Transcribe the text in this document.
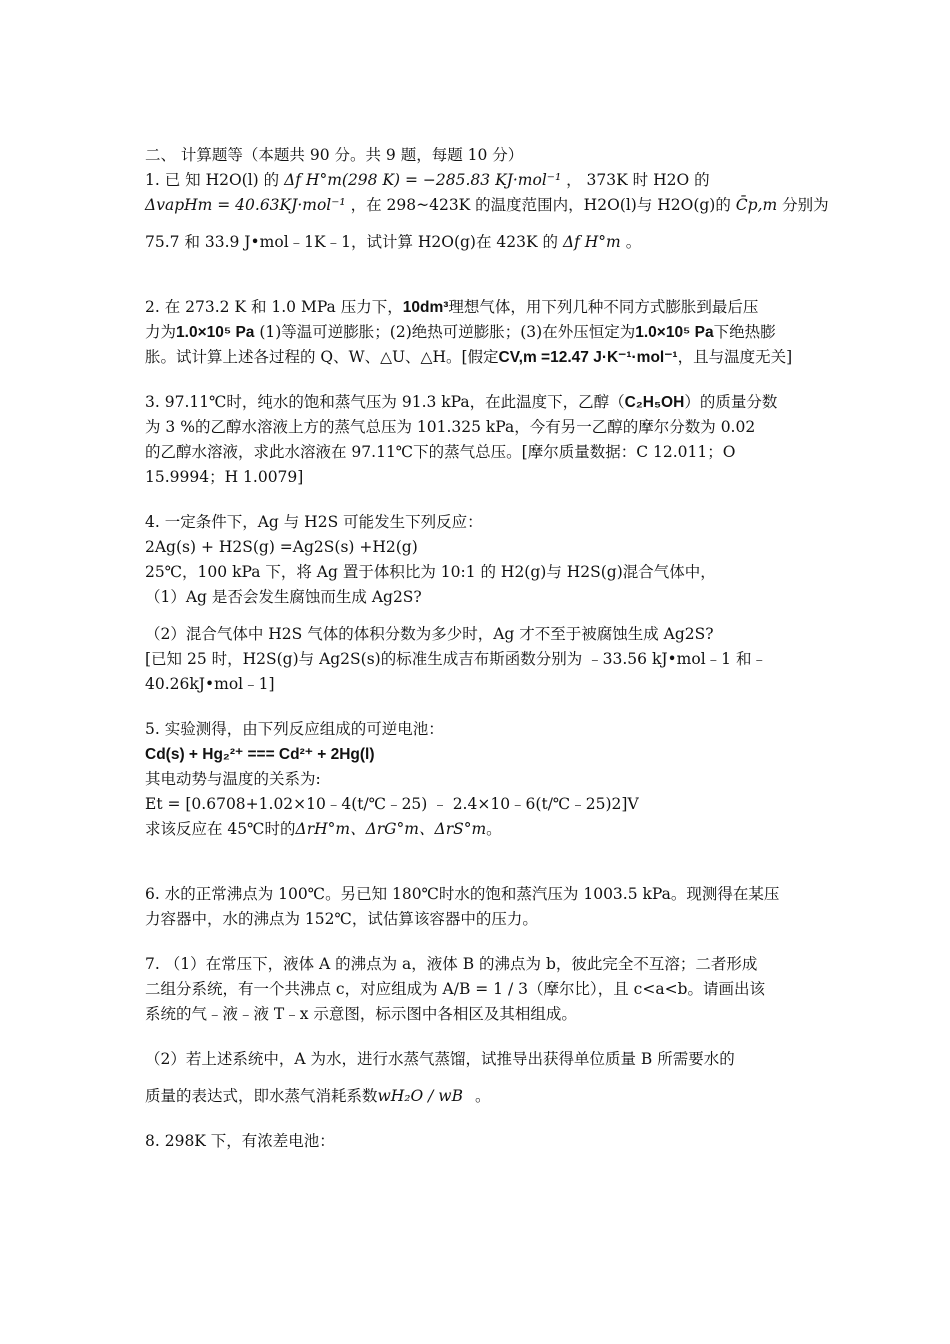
二、 计算题等（本题共 90 分。共 9 题，每题 10 分）
1. 已 知 H2O(l) 的 Δf H°m(298 K) = −285.83 KJ·mol⁻¹ ， 373K 时 H2O 的
ΔvapHm = 40.63KJ·mol⁻¹ ，在 298~423K 的温度范围内，H2O(l)与 H2O(g)的 C̄p,m 分别为
75.7 和 33.9 J•mol﹣1K﹣1，试计算 H2O(g)在 423K 的 Δf H°m 。
2. 在 273.2 K 和 1.0 MPa 压力下，10dm³理想气体，用下列几种不同方式膨胀到最后压
力为1.0×10⁵ Pa (1)等温可逆膨胀；(2)绝热可逆膨胀；(3)在外压恒定为1.0×10⁵ Pa下绝热膨
胀。试计算上述各过程的 Q、W、△U、△H。[假定CV,m =12.47 J·K⁻¹·mol⁻¹，且与温度无关]
3. 97.11℃时，纯水的饱和蒸气压为 91.3 kPa，在此温度下，乙醇（C₂H₅OH）的质量分数
为 3 %的乙醇水溶液上方的蒸气总压为 101.325 kPa，今有另一乙醇的摩尔分数为 0.02
的乙醇水溶液，求此水溶液在 97.11℃下的蒸气总压。[摩尔质量数据：C 12.011；O
15.9994；H 1.0079]
4. 一定条件下，Ag 与 H2S 可能发生下列反应：
2Ag(s) + H2S(g) =Ag2S(s) +H2(g)
25℃，100 kPa 下，将 Ag 置于体积比为 10:1 的 H2(g)与 H2S(g)混合气体中，
（1）Ag 是否会发生腐蚀而生成 Ag2S?
（2）混合气体中 H2S 气体的体积分数为多少时，Ag 才不至于被腐蚀生成 Ag2S?
[已知 25 时，H2S(g)与 Ag2S(s)的标准生成吉布斯函数分别为 ﹣33.56 kJ•mol﹣1 和﹣
40.26kJ•mol﹣1]
5. 实验测得，由下列反应组成的可逆电池：
Cd(s) + Hg₂²⁺ === Cd²⁺ + 2Hg(l)
其电动势与温度的关系为:
Et = [0.6708+1.02×10﹣4(t/℃﹣25) ﹣ 2.4×10﹣6(t/℃﹣25)2]V
求该反应在 45℃时的ΔrH°m、ΔrG°m、ΔrS°m。
6. 水的正常沸点为 100℃。另已知 180℃时水的饱和蒸汽压为 1003.5 kPa。现测得在某压
力容器中，水的沸点为 152℃，试估算该容器中的压力。
7. （1）在常压下，液体 A 的沸点为 a，液体 B 的沸点为 b，彼此完全不互溶；二者形成
二组分系统，有一个共沸点 c，对应组成为 A/B = 1 / 3（摩尔比），且 c<a<b。请画出该
系统的气﹣液﹣液 T﹣x 示意图，标示图中各相区及其相组成。
（2）若上述系统中，A 为水，进行水蒸气蒸馏，试推导出获得单位质量 B 所需要水的
质量的表达式，即水蒸气消耗系数wH₂O / wB 。
8. 298K 下，有浓差电池：
